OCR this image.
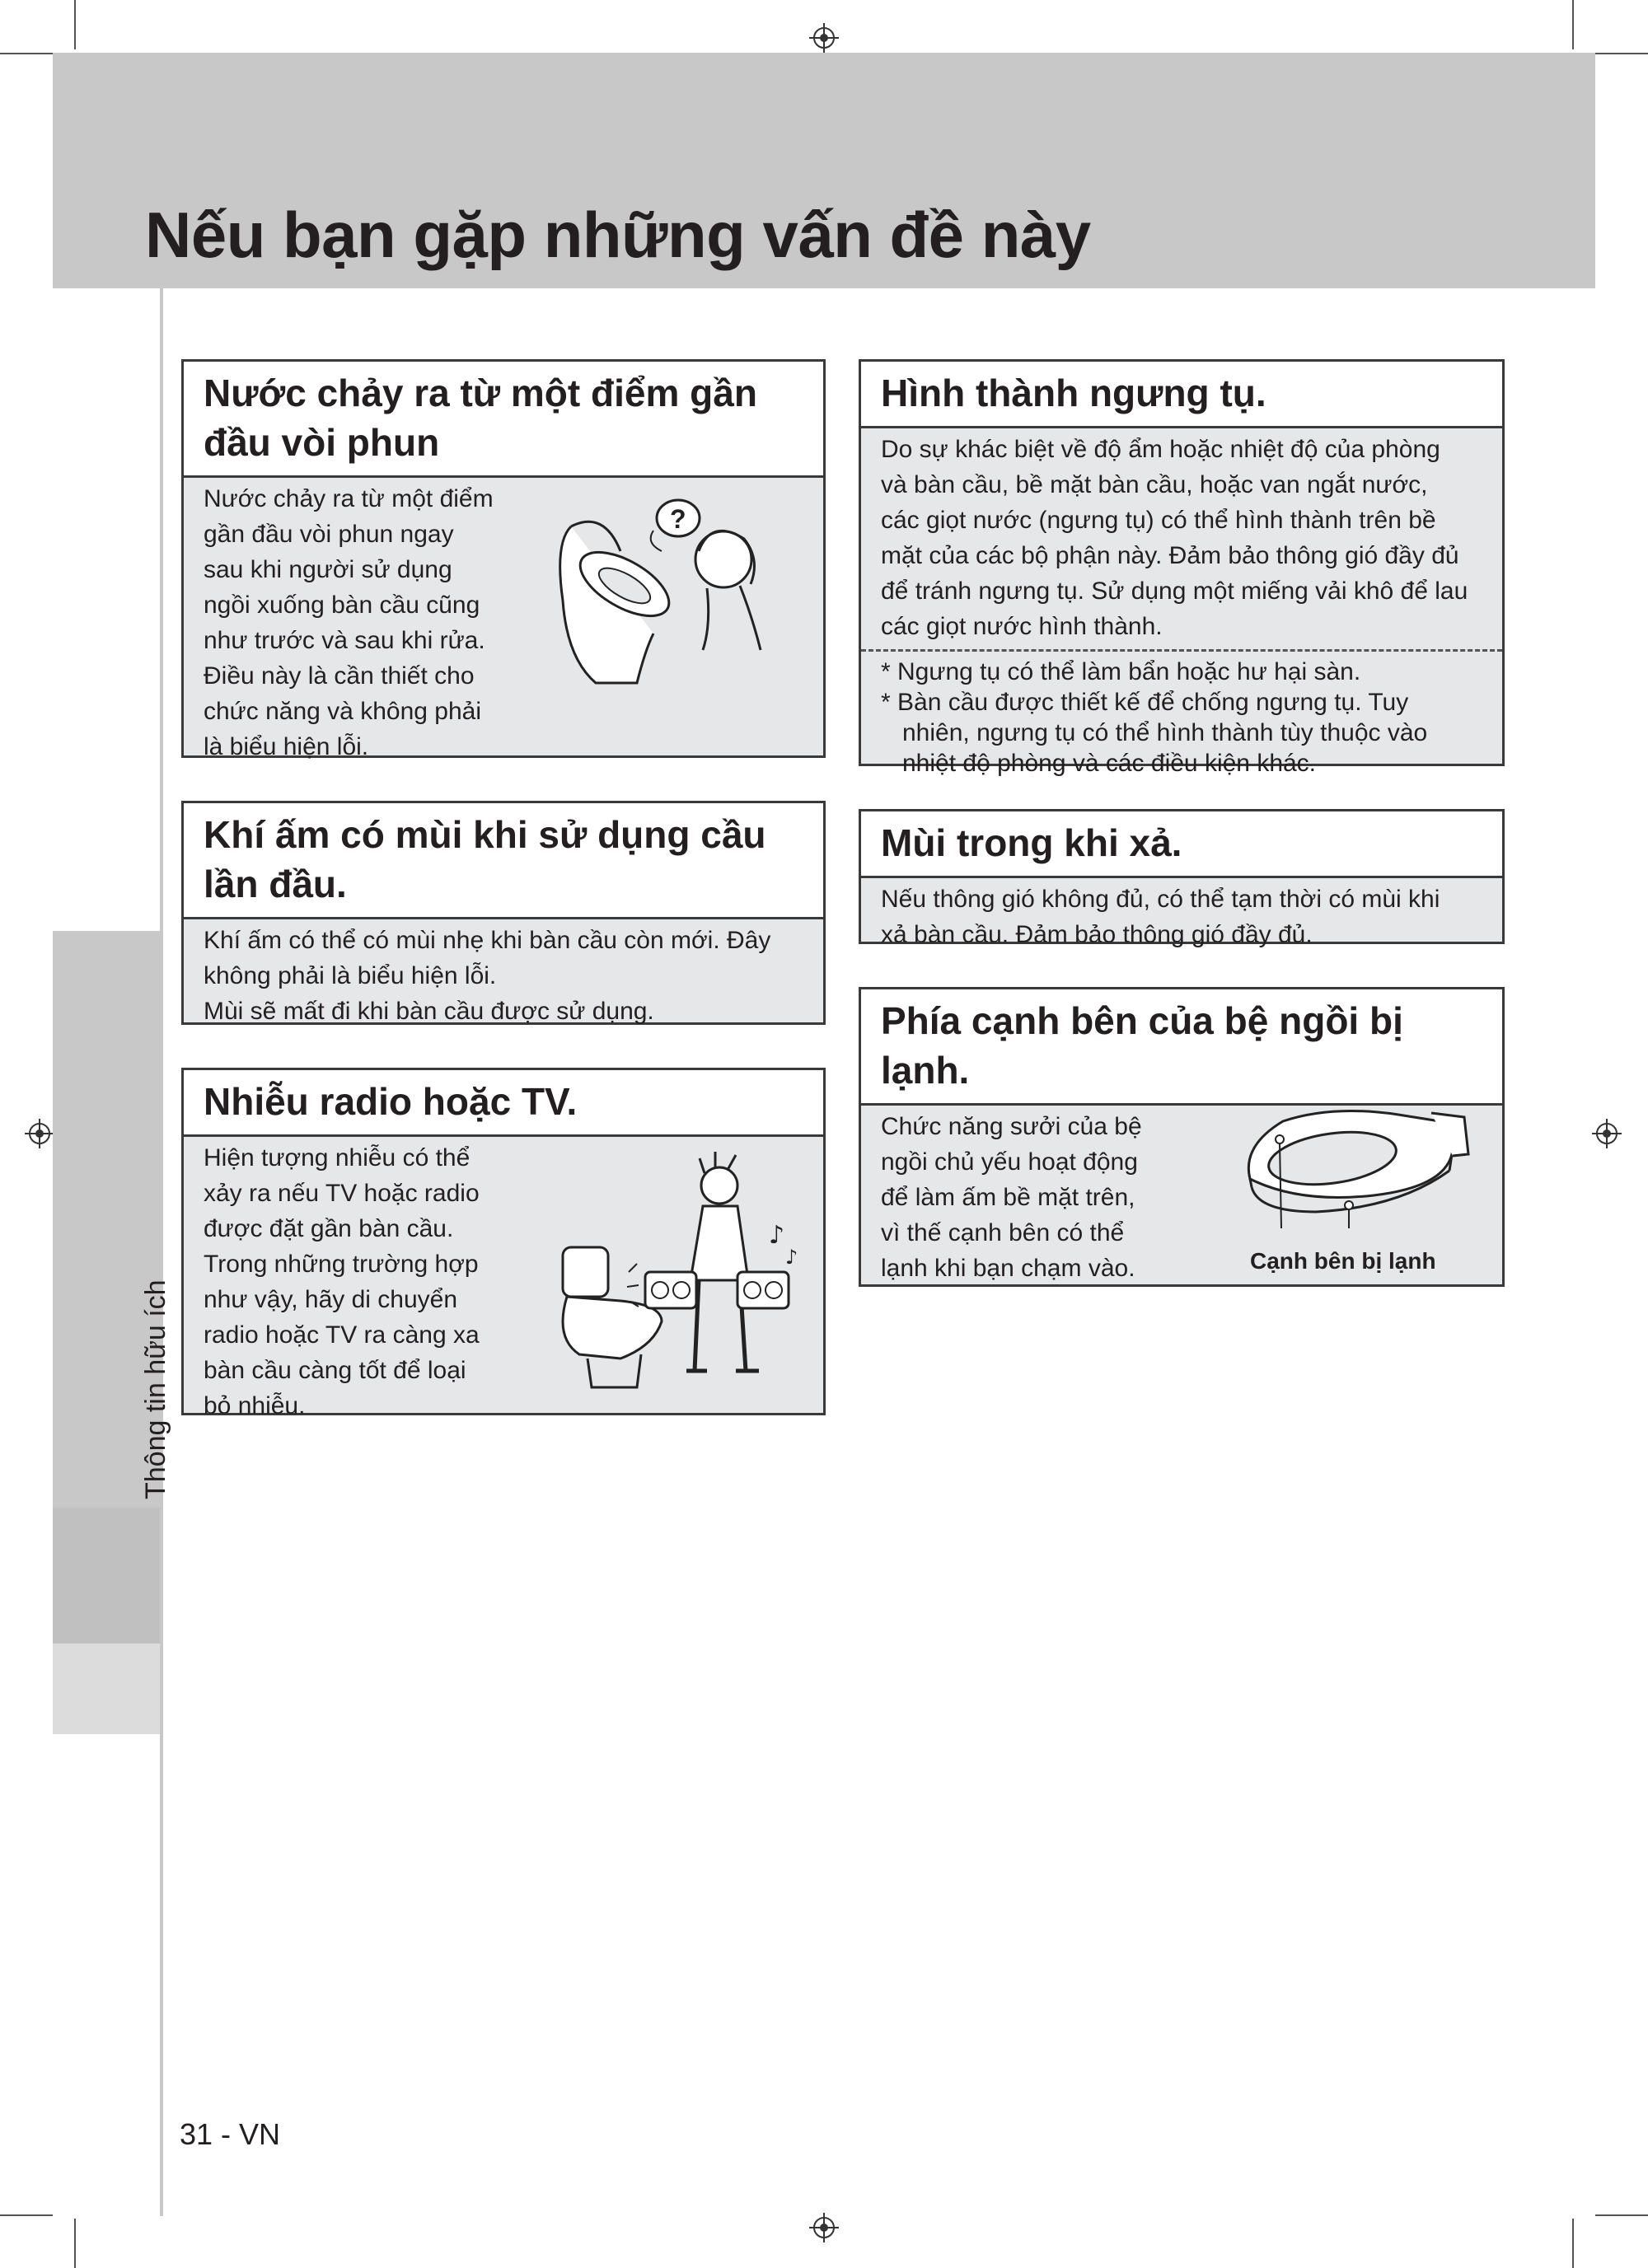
Nếu bạn gặp những vấn đề này
Thông tin hữu ích
Nước chảy ra từ một điểm gần đầu vòi phun

Nước chảy ra từ một điểm

gần đầu vòi phun ngay

sau khi người sử dụng

ngồi xuống bàn cầu cũng

như trước và sau khi rửa.

Điều này là cần thiết cho

chức năng và không phải

là biểu hiện lỗi.

?
Khí ấm có mùi khi sử dụng cầu lần đầu.

Khí ấm có thể có mùi nhẹ khi bàn cầu còn mới. Đây

không phải là biểu hiện lỗi.

Mùi sẽ mất đi khi bàn cầu được sử dụng.

Nhiễu radio hoặc TV.

Hiện tượng nhiễu có thể

xảy ra nếu TV hoặc radio

được đặt gần bàn cầu.

Trong những trường hợp

như vậy, hãy di chuyển

radio hoặc TV ra càng xa

bàn cầu càng tốt để loại

bỏ nhiễu.

♪
♪
Hình thành ngưng tụ.

Do sự khác biệt về độ ẩm hoặc nhiệt độ của phòng

và bàn cầu, bề mặt bàn cầu, hoặc van ngắt nước,

các giọt nước (ngưng tụ) có thể hình thành trên bề

mặt của các bộ phận này. Đảm bảo thông gió đầy đủ

để tránh ngưng tụ. Sử dụng một miếng vải khô để lau

các giọt nước hình thành.

* Ngưng tụ có thể làm bẩn hoặc hư hại sàn.

* Bàn cầu được thiết kế để chống ngưng tụ. Tuy nhiên, ngưng tụ có thể hình thành tùy thuộc vào nhiệt độ phòng và các điều kiện khác.

Mùi trong khi xả.

Nếu thông gió không đủ, có thể tạm thời có mùi khi

xả bàn cầu. Đảm bảo thông gió đầy đủ.

Phía cạnh bên của bệ ngồi bị lạnh.

Chức năng sưởi của bệ

ngồi chủ yếu hoạt động

để làm ấm bề mặt trên,

vì thế cạnh bên có thể

lạnh khi bạn chạm vào.	Cạnh bên bị lạnh
31 - VN
